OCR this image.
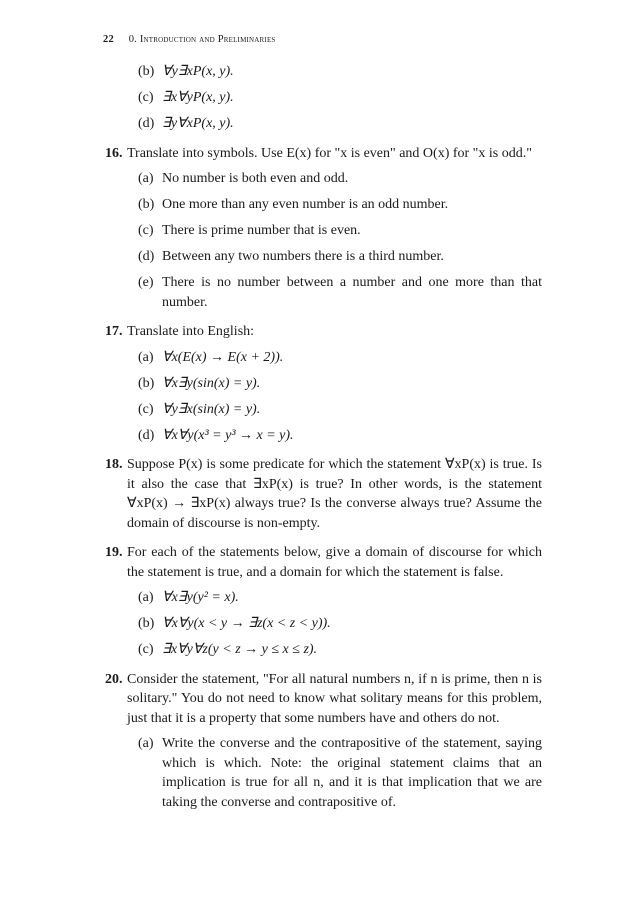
22 0. Introduction and Preliminaries
(b) ∀y∃xP(x, y).
(c) ∃x∀yP(x, y).
(d) ∃y∀xP(x, y).
16. Translate into symbols. Use E(x) for "x is even" and O(x) for "x is odd."
(a) No number is both even and odd.
(b) One more than any even number is an odd number.
(c) There is prime number that is even.
(d) Between any two numbers there is a third number.
(e) There is no number between a number and one more than that number.
17. Translate into English:
(a) ∀x(E(x) → E(x + 2)).
(b) ∀x∃y(sin(x) = y).
(c) ∀y∃x(sin(x) = y).
(d) ∀x∀y(x³ = y³ → x = y).
18. Suppose P(x) is some predicate for which the statement ∀xP(x) is true. Is it also the case that ∃xP(x) is true? In other words, is the statement ∀xP(x) → ∃xP(x) always true? Is the converse always true? Assume the domain of discourse is non-empty.
19. For each of the statements below, give a domain of discourse for which the statement is true, and a domain for which the statement is false.
(a) ∀x∃y(y² = x).
(b) ∀x∀y(x < y → ∃z(x < z < y)).
(c) ∃x∀y∀z(y < z → y ≤ x ≤ z).
20. Consider the statement, "For all natural numbers n, if n is prime, then n is solitary." You do not need to know what solitary means for this problem, just that it is a property that some numbers have and others do not.
(a) Write the converse and the contrapositive of the statement, saying which is which. Note: the original statement claims that an implication is true for all n, and it is that implication that we are taking the converse and contrapositive of.
